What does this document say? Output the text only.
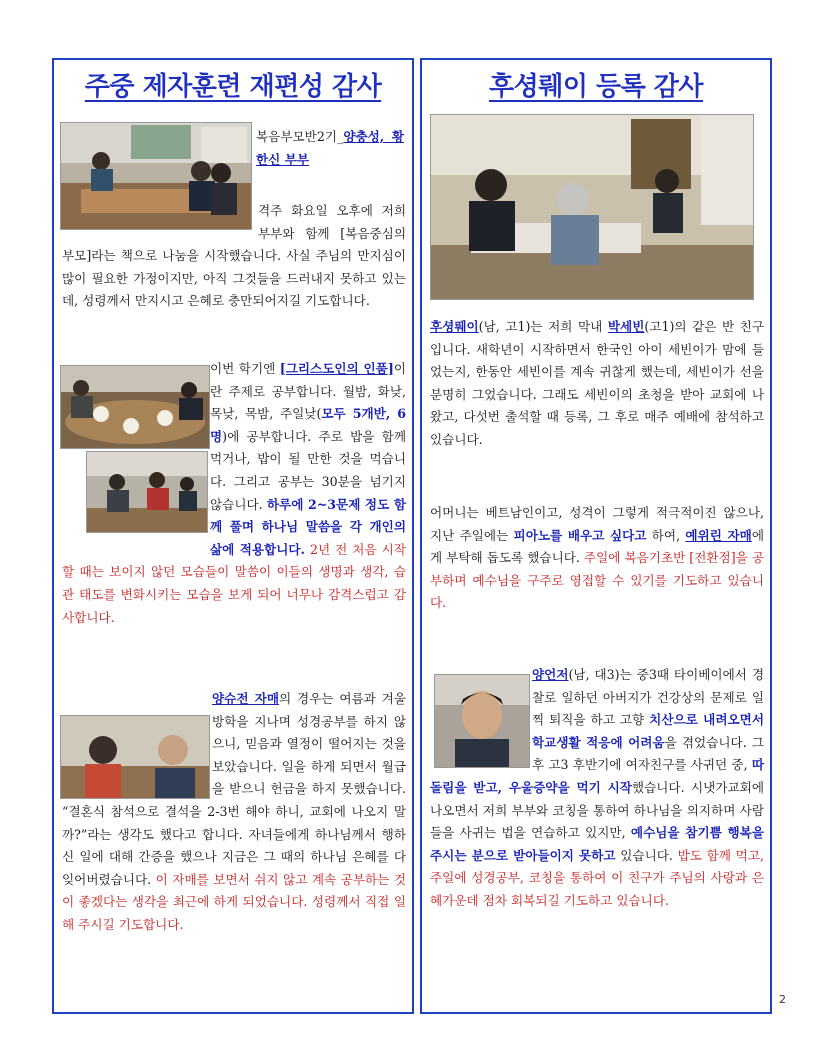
주중 제자훈련 재편성 감사
복음부모반2기_양충성, 황한신 부부
격주 화요일 오후에 저희 부부와 함께 [복음중심의 부모]라는 책으로 나눔을 시작했습니다. 사실 주님의 만지심이 많이 필요한 가정이지만, 아직 그것들을 드러내지 못하고 있는데, 성령께서 만지시고 은혜로 충만되어지길 기도합니다.
이번 학기엔 [그리스도인의 인품]이란 주제로 공부합니다. 월밤, 화낮, 목낮, 목밤, 주일낮(모두 5개반, 6명)에 공부합니다. 주로 밥을 함께 먹거나, 밥이 될 만한 것을 먹습니다. 그리고 공부는 30분을 넘기지 않습니다. 하루에 2~3문제 정도 함께 풀며 하나님 말씀을 각 개인의 삶에 적용합니다. 2년 전 처음 시작할 때는 보이지 않던 모습들이 말씀이 이들의 생명과 생각, 습관 태도를 변화시키는 모습을 보게 되어 너무나 감격스럽고 감사합니다.
양슈전 자매의 경우는 여름과 겨울방학을 지나며 성경공부를 하지 않으니, 믿음과 열정이 떨어지는 것을 보았습니다. 일을 하게 되면서 월급을 받으니 헌금을 하지 못했습니다. “결혼식 참석으로 결석을 2-3번 해야 하니, 교회에 나오지 말까?”라는 생각도 했다고 합니다. 자녀들에게 하나님께서 행하신 일에 대해 간증을 했으나 지금은 그 때의 하나님 은혜를 다 잊어버렸습니다. 이 자매를 보면서 쉬지 않고 계속 공부하는 것이 좋겠다는 생각을 최근에 하게 되었습니다. 성령께서 직접 일해 주시길 기도합니다.
후셩뤠이 등록 감사
후셩뤠이(남, 고1)는 저희 막내 박세빈(고1)의 같은 반 친구입니다. 새학년이 시작하면서 한국인 아이 세빈이가 맘에 들었는지, 한동안 세빈이를 계속 귀찮게 했는데, 세빈이가 선을 분명히 그었습니다. 그래도 세빈이의 초청을 받아 교회에 나왔고, 다섯번 출석할 때 등록, 그 후로 매주 예배에 참석하고 있습니다.
어머니는 베트남인이고, 성격이 그렇게 적극적이진 않으나, 지난 주일에는 피아노를 배우고 싶다고 하여, 예위린 자매에게 부탁해 돕도록 했습니다. 주일에 복음기초반 [전환점]을 공부하며 예수님을 구주로 영접할 수 있기를 기도하고 있습니다.
양언저(남, 대3)는 중3때 타이베이에서 경찰로 일하던 아버지가 건강상의 문제로 일찍 퇴직을 하고 고향 치산으로 내려오면서 학교생활 적응에 어려움을 겪었습니다. 그후 고3 후반기에 여자친구를 사귀던 중, 따돌림을 받고, 우울증약을 먹기 시작했습니다. 시냇가교회에 나오면서 저희 부부와 코칭을 통하여 하나님을 의지하며 사람들을 사귀는 법을 연습하고 있지만, 예수님을 참기쁨 행복을 주시는 분으로 받아들이지 못하고 있습니다. 밥도 함께 먹고, 주일에 성경공부, 코칭을 통하여 이 친구가 주님의 사랑과 은혜가운데 점차 회복되길 기도하고 있습니다.
2
